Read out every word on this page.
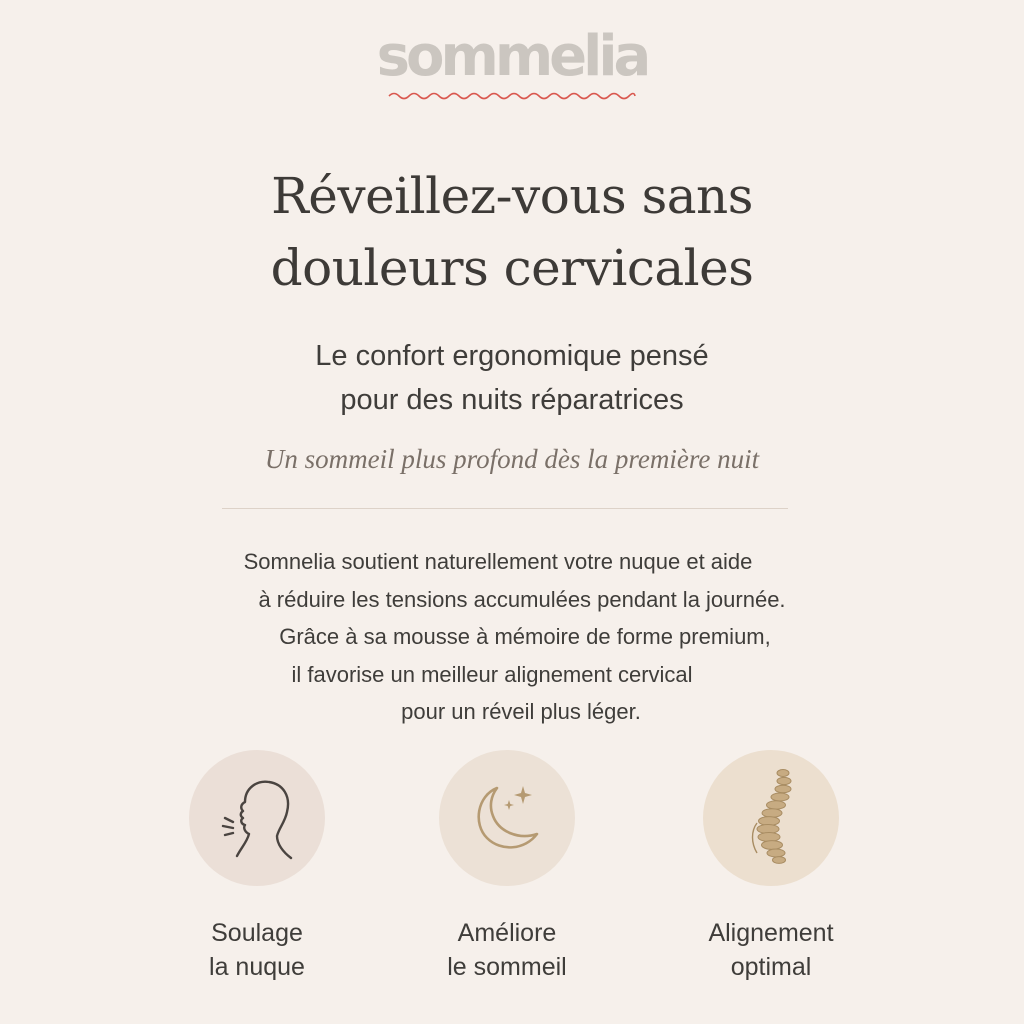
sommelia
Réveillez-vous sans
douleurs cervicales
Le confort ergonomique pensé
pour des nuits réparatrices
Un sommeil plus profond dès la première nuit
Somnelia soutient naturellement votre nuque et aide
à réduire les tensions accumulées pendant la journée.
Grâce à sa mousse à mémoire de forme premium,
il favorise un meilleur alignement cervical
pour un réveil plus léger.
Soulage
la nuque
Améliore
le sommeil
Alignement
optimal
